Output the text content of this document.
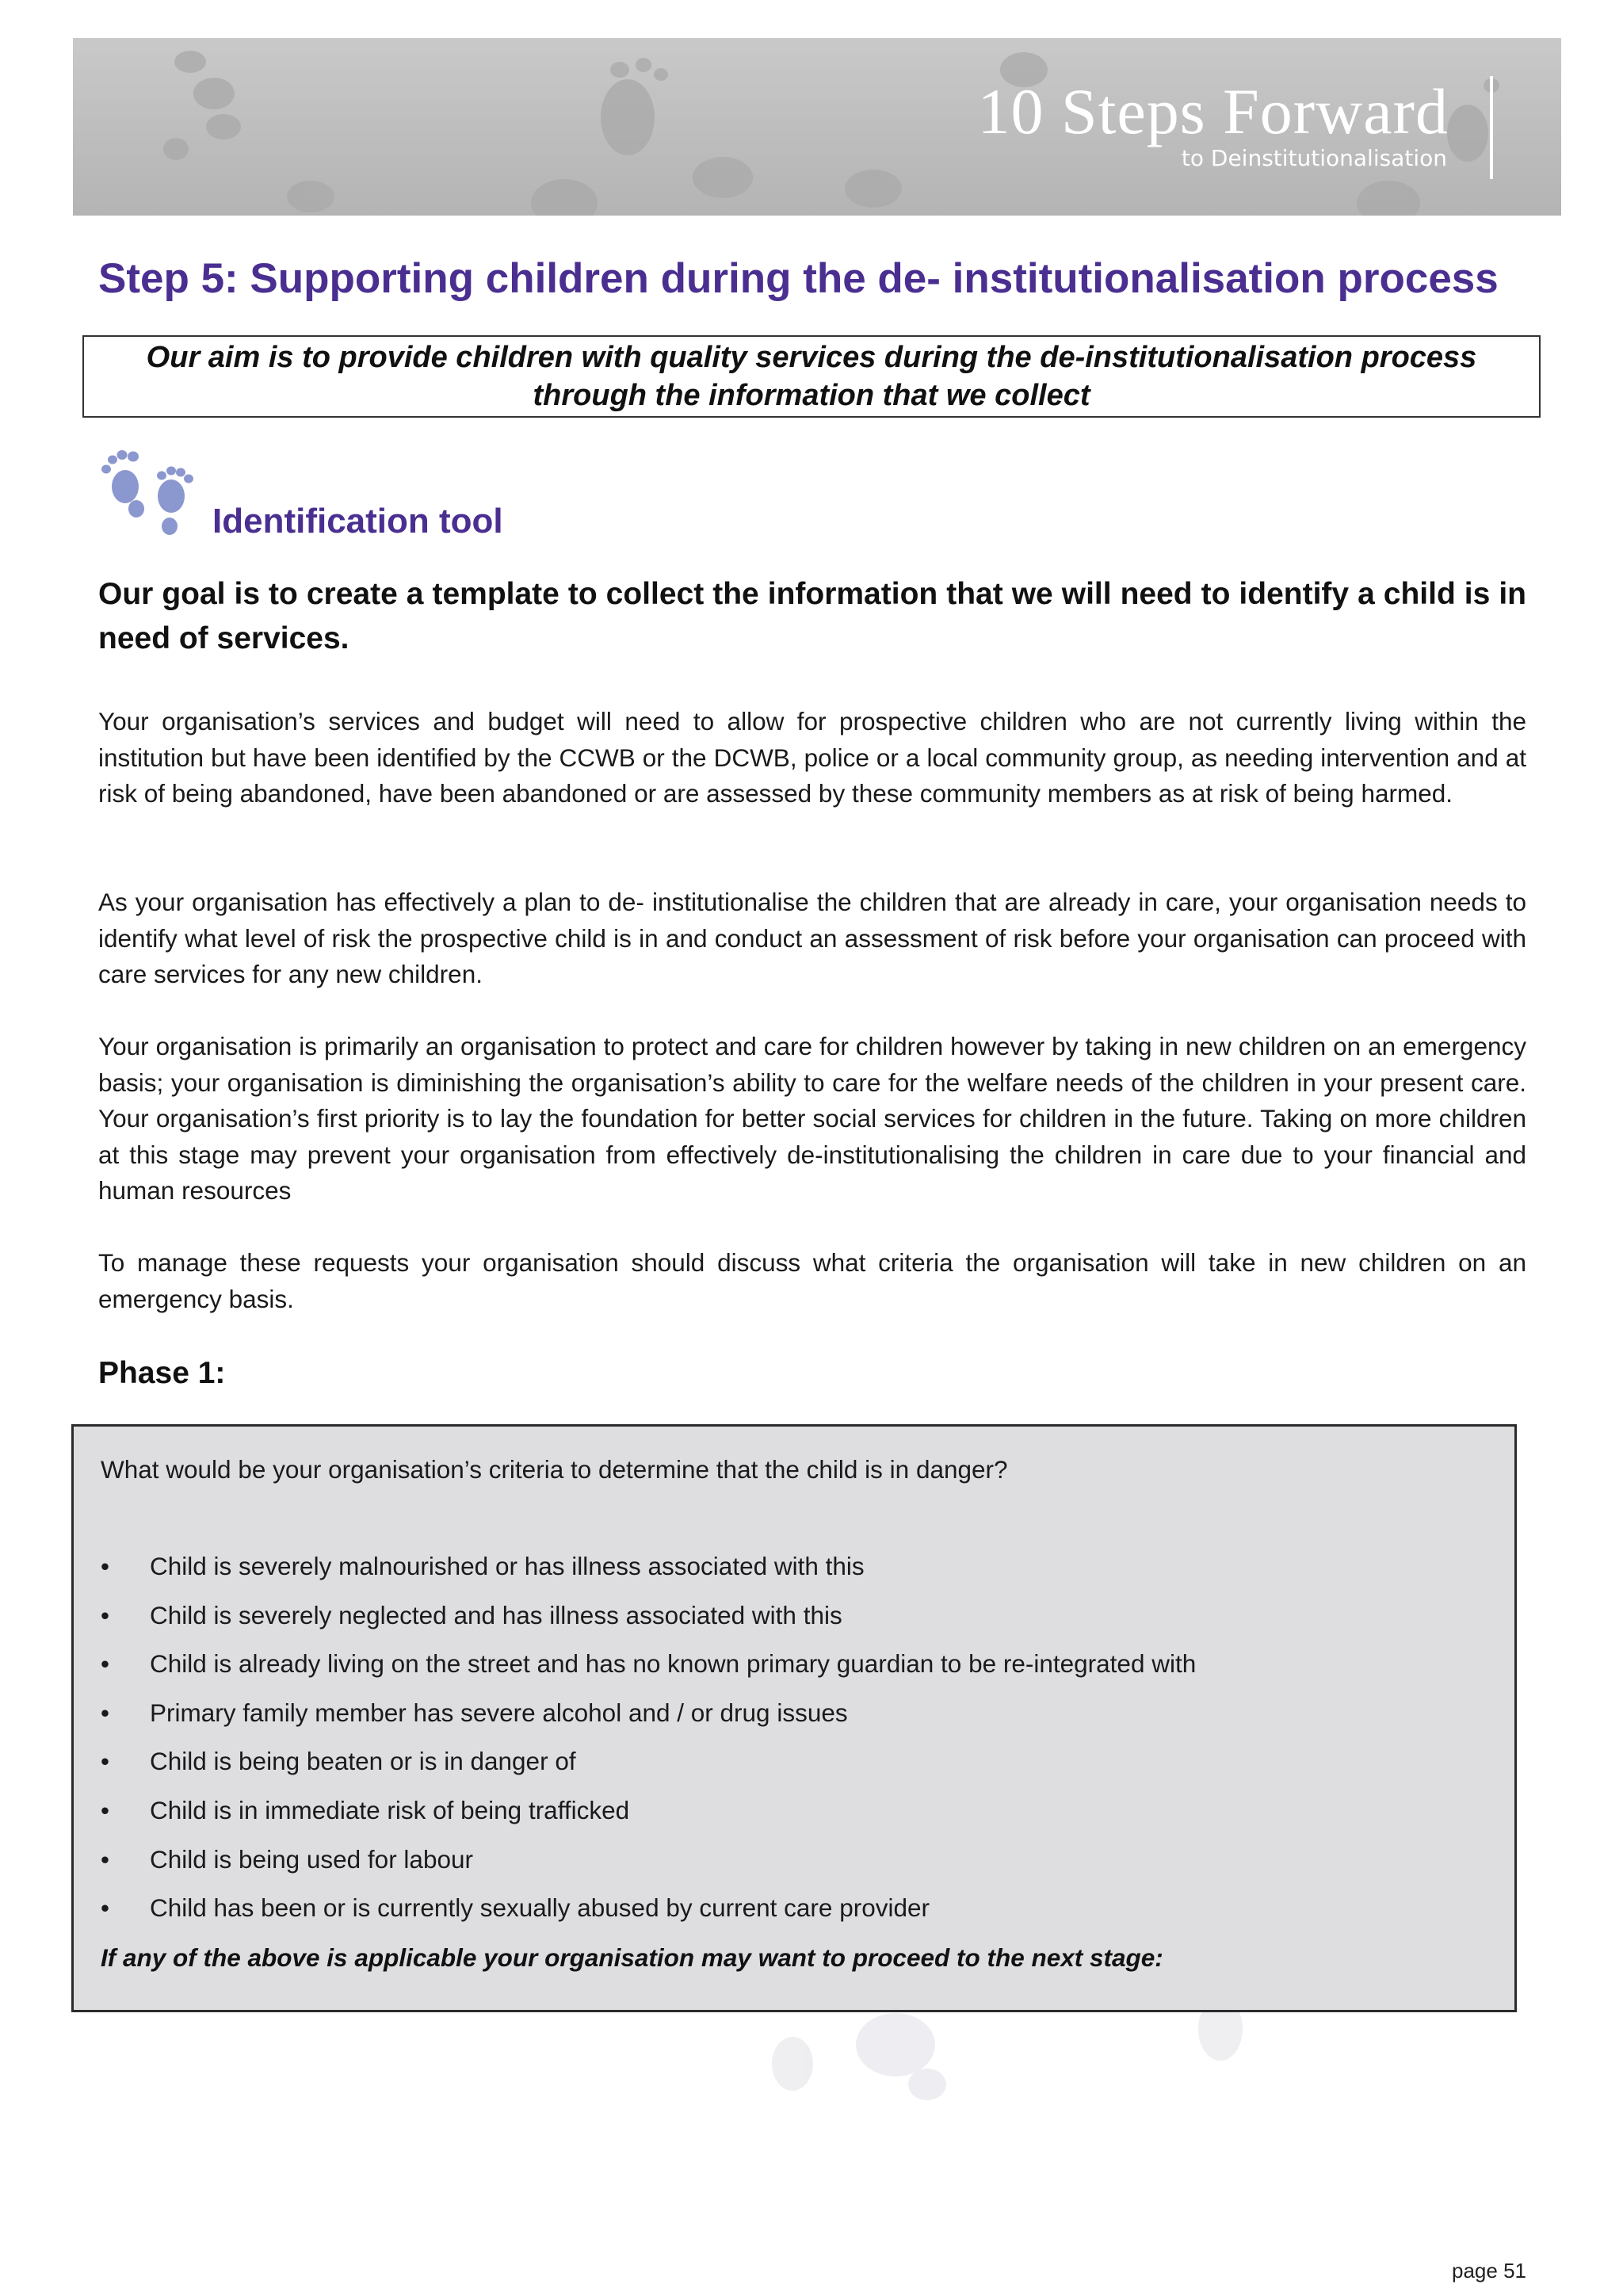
10 Steps Forward
to Deinstitutionalisation
Step 5: Supporting children during the de- institutionalisation process
Our aim is to provide children with quality services during the de-institutionalisation process through the information that we collect
Identification tool
Our goal is to create a template to collect the information that we will need to identify a child is in need of services.
Your organisation’s services and budget will need to allow for prospective children who are not currently living within the institution but have been identified by the CCWB or the DCWB, police or a local community group, as needing intervention and at risk of being abandoned, have been abandoned or are assessed by these community members as at risk of being harmed.
As your organisation has effectively a plan to de- institutionalise the children that are already in care, your organisation needs to identify what level of risk the prospective child is in and conduct an assessment of risk before your organisation can proceed with care services for any new children.
Your organisation is primarily an organisation to protect and care for children however by taking in new children on an emergency basis; your organisation is diminishing the organisation’s ability to care for the welfare needs of the children in your present care. Your organisation’s first priority is to lay the foundation for better social services for children in the future. Taking on more children at this stage may prevent your organisation from effectively de-institutionalising the children in care due to your financial and human resources
To manage these requests your organisation should discuss what criteria the organisation will take in new children on an emergency basis.
Phase 1:
What would be your organisation’s criteria to determine that the child is in danger?
•	Child is severely malnourished or has illness associated with this
•	Child is severely neglected and has illness associated with this
•	Child is already living on the street and has no known primary guardian to be re-integrated with
•	Primary family member has severe alcohol and / or drug issues
•	Child is being beaten or is in danger of
•	Child is in immediate risk of being trafficked
•	Child is being used for labour
•	Child has been or is currently sexually abused by current care provider
If any of the above is applicable your organisation may want to proceed to the next stage:
page 51
